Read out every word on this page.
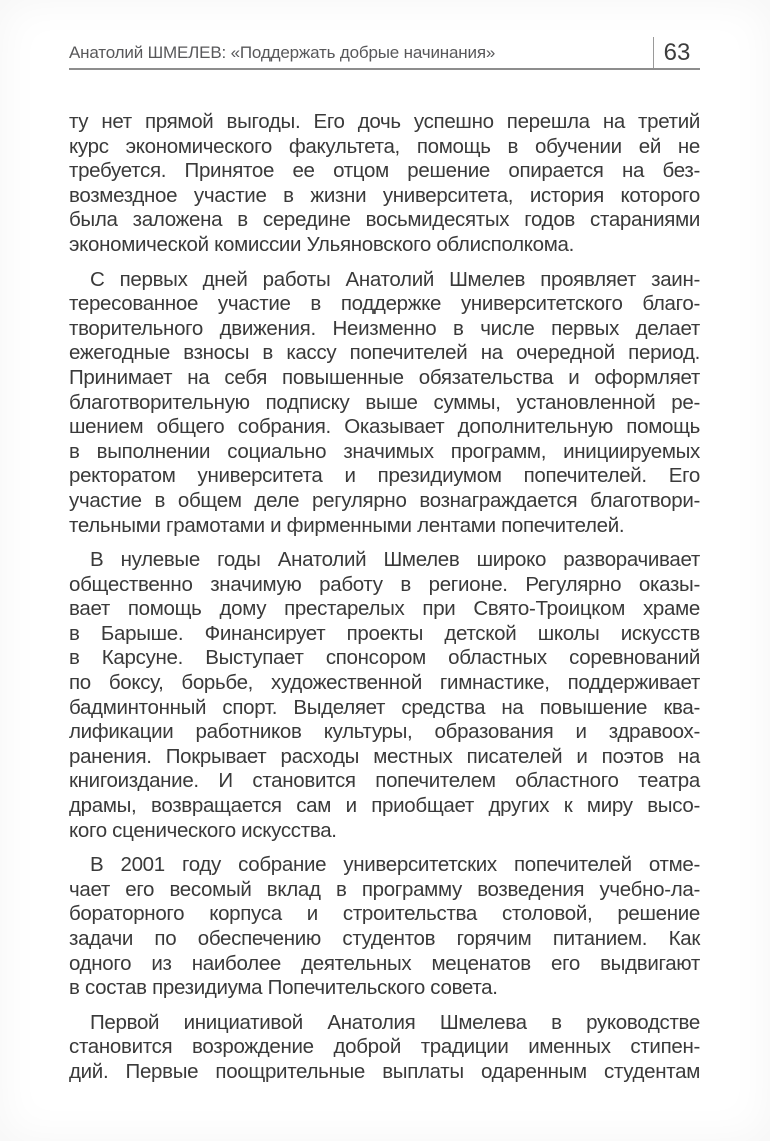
Анатолий ШМЕЛЕВ: «Поддержать добрые начинания»	63
ту нет прямой выгоды. Его дочь успешно перешла на третий
курс экономического факультета, помощь в обучении ей не
требуется. Принятое ее отцом решение опирается на без-
возмездное участие в жизни университета, история которого
была заложена в середине восьмидесятых годов стараниями
экономической комиссии Ульяновского облисполкома.
С первых дней работы Анатолий Шмелев проявляет заин-
тересованное участие в поддержке университетского благо-
творительного движения. Неизменно в числе первых делает
ежегодные взносы в кассу попечителей на очередной период.
Принимает на себя повышенные обязательства и оформляет
благотворительную подписку выше суммы, установленной ре-
шением общего собрания. Оказывает дополнительную помощь
в выполнении социально значимых программ, инициируемых
ректоратом университета и президиумом попечителей. Его
участие в общем деле регулярно вознаграждается благотвори-
тельными грамотами и фирменными лентами попечителей.
В нулевые годы Анатолий Шмелев широко разворачивает
общественно значимую работу в регионе. Регулярно оказы-
вает помощь дому престарелых при Свято-Троицком храме
в Барыше. Финансирует проекты детской школы искусств
в Карсуне. Выступает спонсором областных соревнований
по боксу, борьбе, художественной гимнастике, поддерживает
бадминтонный спорт. Выделяет средства на повышение ква-
лификации работников культуры, образования и здравоох-
ранения. Покрывает расходы местных писателей и поэтов на
книгоиздание. И становится попечителем областного театра
драмы, возвращается сам и приобщает других к миру высо-
кого сценического искусства.
В 2001 году собрание университетских попечителей отме-
чает его весомый вклад в программу возведения учебно-ла-
бораторного корпуса и строительства столовой, решение
задачи по обеспечению студентов горячим питанием. Как
одного из наиболее деятельных меценатов его выдвигают
в состав президиума Попечительского совета.
Первой инициативой Анатолия Шмелева в руководстве
становится возрождение доброй традиции именных стипен-
дий. Первые поощрительные выплаты одаренным студентам
